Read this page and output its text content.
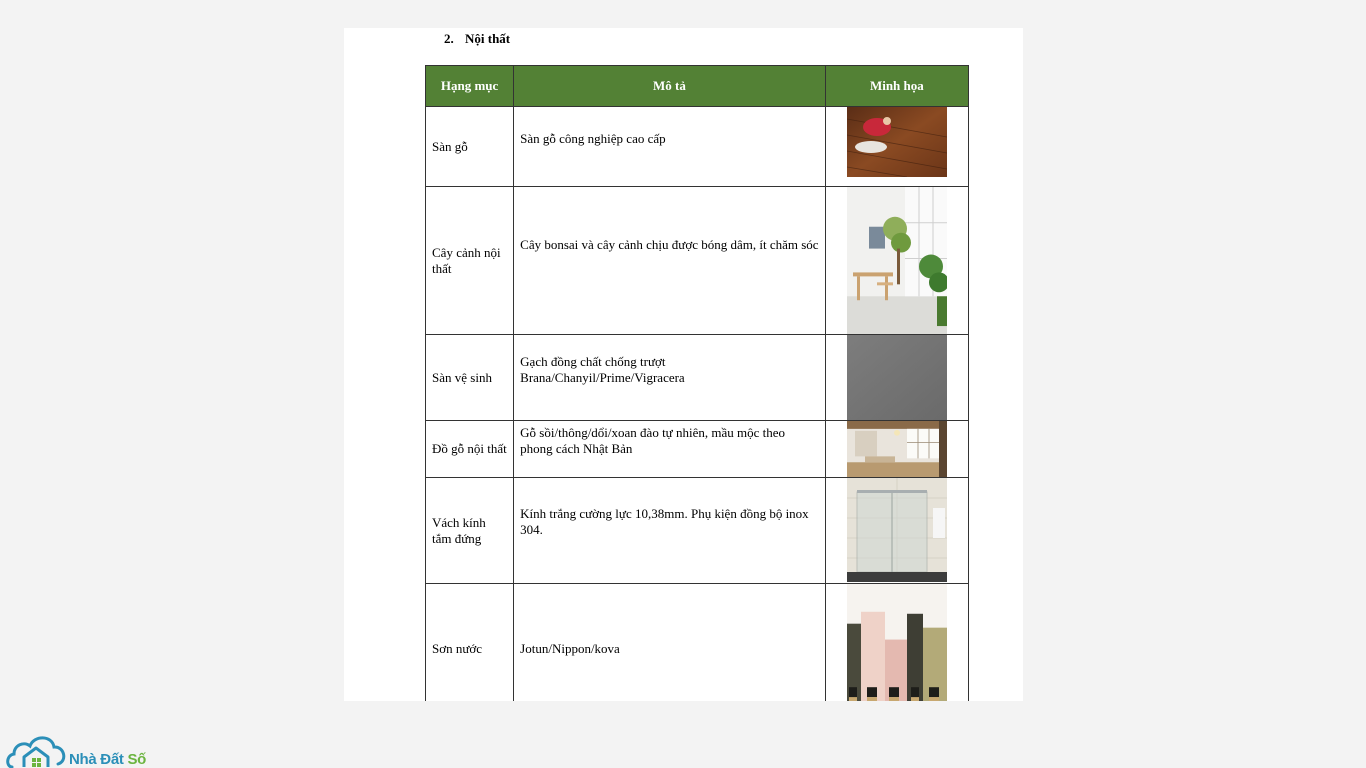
2. Nội thất
Hạng mục	Mô tả	Minh họa
Sàn gỗ	Sàn gỗ công nghiệp cao cấp

Cây cảnh nội thất	Cây bonsai và cây cảnh chịu được bóng dâm, ít chăm sóc

Sàn vệ sinh	Gạch đồng chất chống trượt Brana/Chanyil/Prime/Vigracera

Đồ gỗ nội thất	Gỗ sồi/thông/dổi/xoan đào tự nhiên, mầu mộc theo phong cách Nhật Bản

Vách kính tắm đứng	Kính trắng cường lực 10,38mm. Phụ kiện đồng bộ inox 304.

Sơn nước	Jotun/Nippon/kova

Nhà Đất Số
